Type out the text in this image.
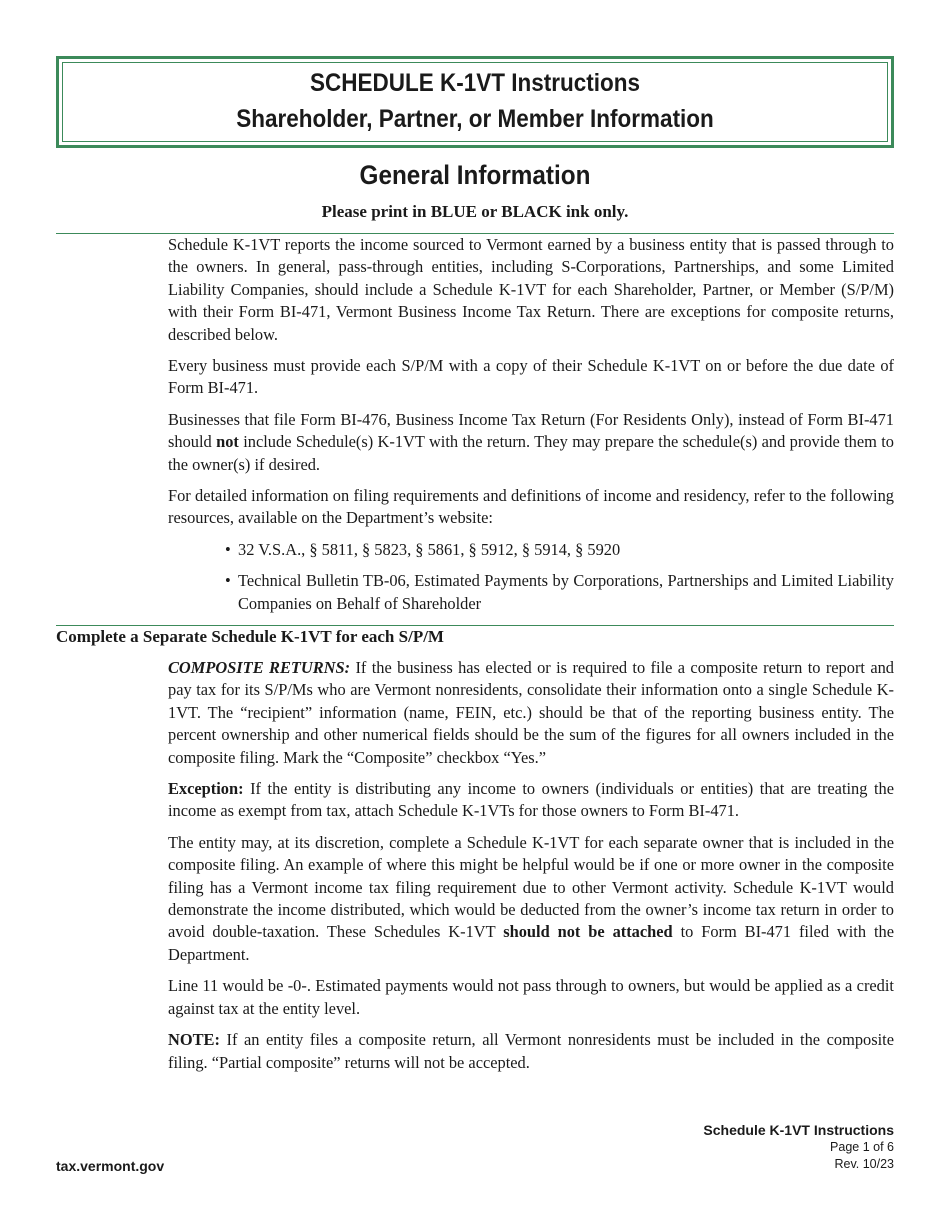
SCHEDULE K-1VT Instructions
Shareholder, Partner, or Member Information
General Information
Please print in BLUE or BLACK ink only.

Schedule K-1VT reports the income sourced to Vermont earned by a business entity that is passed through to the owners. In general, pass-through entities, including S-Corporations, Partnerships, and some Limited Liability Companies, should include a Schedule K-1VT for each Shareholder, Partner, or Member (S/P/M) with their Form BI-471, Vermont Business Income Tax Return. There are exceptions for composite returns, described below.

Every business must provide each S/P/M with a copy of their Schedule K-1VT on or before the due date of Form BI-471.

Businesses that file Form BI-476, Business Income Tax Return (For Residents Only), instead of Form BI-471 should not include Schedule(s) K-1VT with the return. They may prepare the schedule(s) and provide them to the owner(s) if desired.

For detailed information on filing requirements and definitions of income and residency, refer to the following resources, available on the Department’s website:

• 32 V.S.A., § 5811, § 5823, § 5861, § 5912, § 5914, § 5920
• Technical Bulletin TB-06, Estimated Payments by Corporations, Partnerships and Limited Liability Companies on Behalf of Shareholder
Complete a Separate Schedule K-1VT for each S/P/M

COMPOSITE RETURNS: If the business has elected or is required to file a composite return to report and pay tax for its S/P/Ms who are Vermont nonresidents, consolidate their information onto a single Schedule K-1VT. The “recipient” information (name, FEIN, etc.) should be that of the reporting business entity. The percent ownership and other numerical fields should be the sum of the figures for all owners included in the composite filing. Mark the “Composite” checkbox “Yes.”

Exception: If the entity is distributing any income to owners (individuals or entities) that are treating the income as exempt from tax, attach Schedule K-1VTs for those owners to Form BI-471.

The entity may, at its discretion, complete a Schedule K-1VT for each separate owner that is included in the composite filing. An example of where this might be helpful would be if one or more owner in the composite filing has a Vermont income tax filing requirement due to other Vermont activity. Schedule K-1VT would demonstrate the income distributed, which would be deducted from the owner’s income tax return in order to avoid double-taxation. These Schedules K-1VT should not be attached to Form BI-471 filed with the Department.

Line 11 would be -0-. Estimated payments would not pass through to owners, but would be applied as a credit against tax at the entity level.

NOTE: If an entity files a composite return, all Vermont nonresidents must be included in the composite filing. “Partial composite” returns will not be accepted.

tax.vermont.gov
Schedule K-1VT Instructions
Page 1 of 6
Rev. 10/23
